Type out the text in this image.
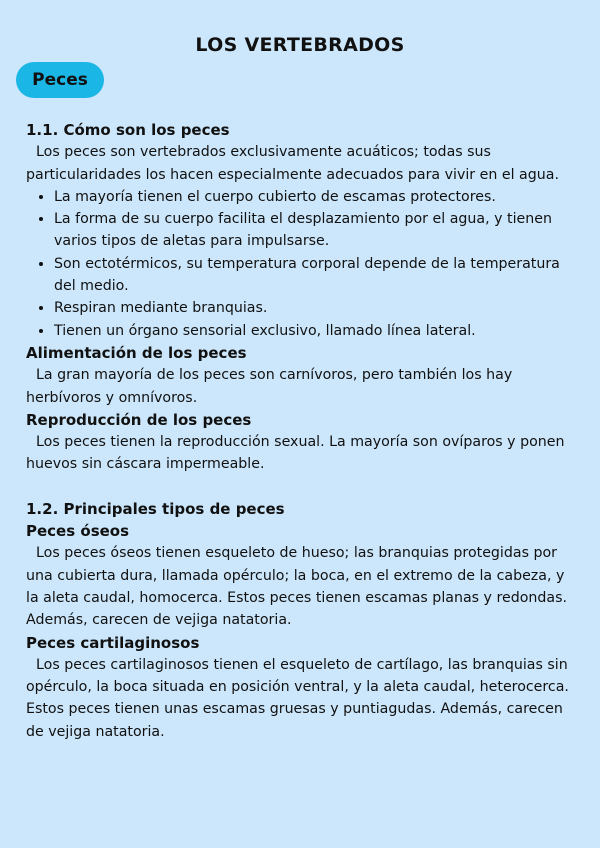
LOS VERTEBRADOS
Peces
1.1. Cómo son los peces
Los peces son vertebrados exclusivamente acuáticos; todas sus particularidades los hacen especialmente adecuados para vivir en el agua.
• La mayoría tienen el cuerpo cubierto de escamas protectores.
• La forma de su cuerpo facilita el desplazamiento por el agua, y tienen varios tipos de aletas para impulsarse.
• Son ectotérmicos, su temperatura corporal depende de la temperatura del medio.
• Respiran mediante branquias.
• Tienen un órgano sensorial exclusivo, llamado línea lateral.
Alimentación de los peces
La gran mayoría de los peces son carnívoros, pero también los hay herbívoros y omnívoros.
Reproducción de los peces
Los peces tienen la reproducción sexual. La mayoría son ovíparos y ponen huevos sin cáscara impermeable.
1.2. Principales tipos de peces
Peces óseos
Los peces óseos tienen esqueleto de hueso; las branquias protegidas por una cubierta dura, llamada opérculo; la boca, en el extremo de la cabeza, y la aleta caudal, homocerca. Estos peces tienen escamas planas y redondas. Además, carecen de vejiga natatoria.
Peces cartilaginosos
Los peces cartilaginosos tienen el esqueleto de cartílago, las branquias sin opérculo, la boca situada en posición ventral, y la aleta caudal, heterocerca. Estos peces tienen unas escamas gruesas y puntiagudas. Además, carecen de vejiga natatoria.
